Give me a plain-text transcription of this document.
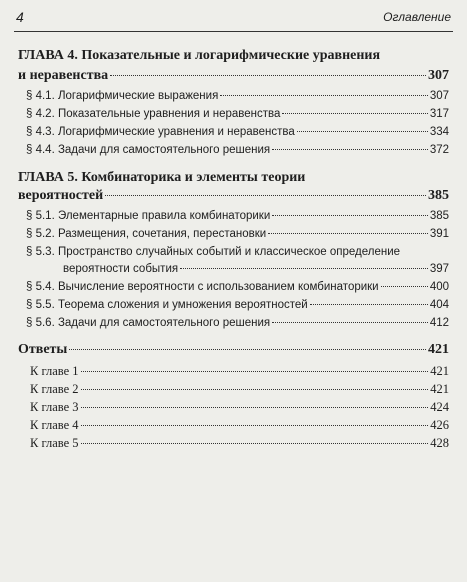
4	Оглавление
ГЛАВА 4. Показательные и логарифмические уравнения
и неравенства	307
§ 4.1. Логарифмические выражения	307
§ 4.2. Показательные уравнения и неравенства	317
§ 4.3. Логарифмические уравнения и неравенства	334
§ 4.4. Задачи для самостоятельного решения	372
ГЛАВА 5. Комбинаторика и элементы теории
вероятностей	385
§ 5.1. Элементарные правила комбинаторики	385
§ 5.2. Размещения, сочетания, перестановки	391
§ 5.3. Пространство случайных событий и классическое определение
вероятности события	397
§ 5.4. Вычисление вероятности с использованием комбинаторики	400
§ 5.5. Теорема сложения и умножения вероятностей	404
§ 5.6. Задачи для самостоятельного решения	412
Ответы	421
К главе 1	421
К главе 2	421
К главе 3	424
К главе 4	426
К главе 5	428
